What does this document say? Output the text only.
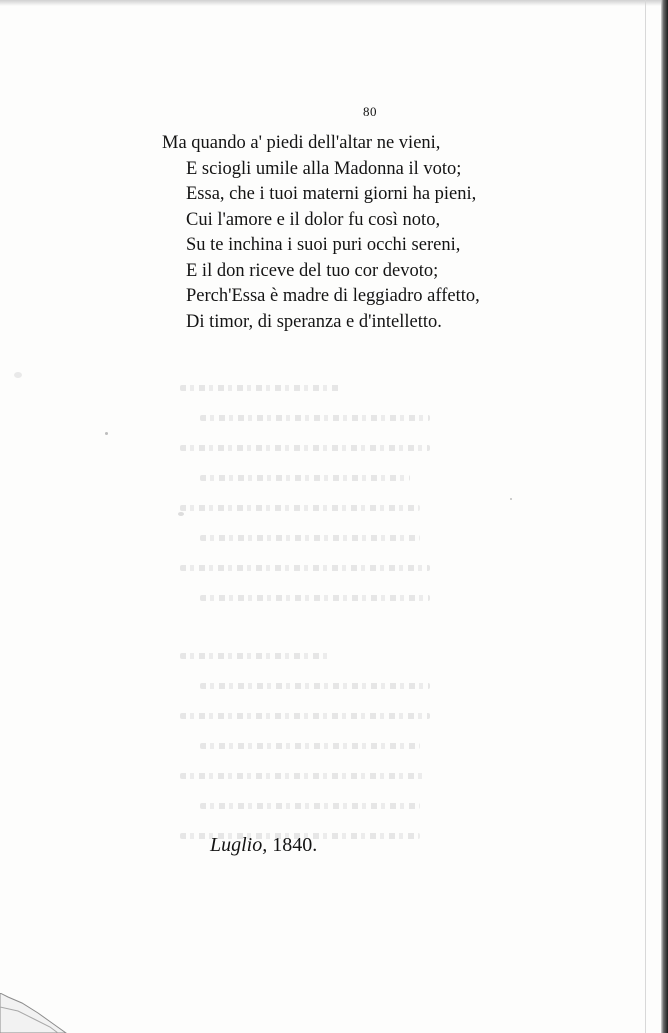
80
Ma quando a' piedi dell'altar ne vieni,
E sciogli umile alla Madonna il voto;
Essa, che i tuoi materni giorni ha pieni,
Cui l'amore e il dolor fu così noto,
Su te inchina i suoi puri occhi sereni,
E il don riceve del tuo cor devoto;
Perch'Essa è madre di leggiadro affetto,
Di timor, di speranza e d'intelletto.
Luglio, 1840.
